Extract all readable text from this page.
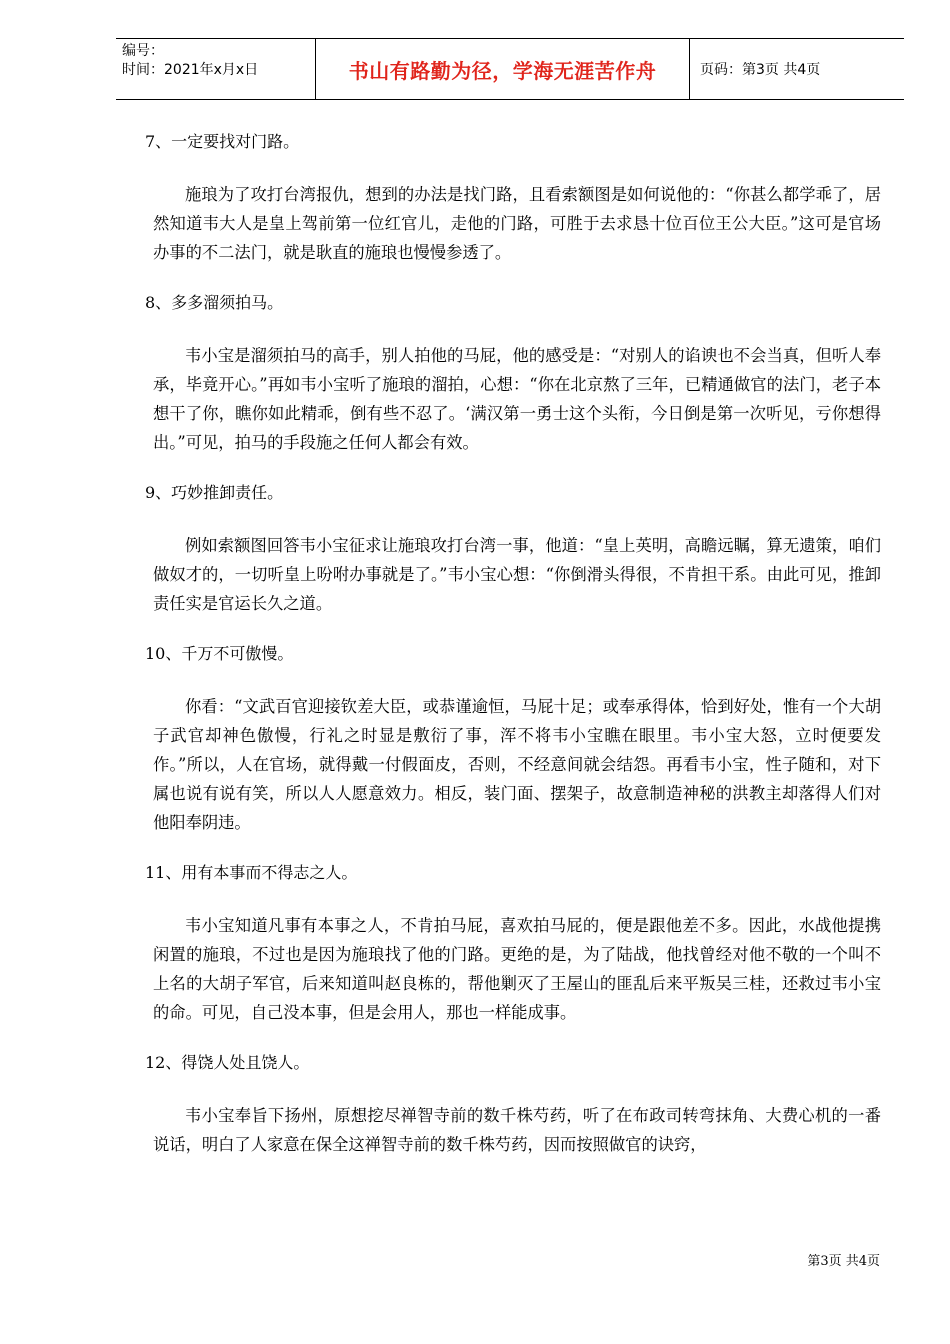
编号：
时间：2021年x月x日	书山有路勤为径，学海无涯苦作舟	页码：第3页 共4页

7、一定要找对门路。

施琅为了攻打台湾报仇，想到的办法是找门路，且看索额图是如何说他的：“你甚么都学乖了，居然知道韦大人是皇上驾前第一位红官儿，走他的门路，可胜于去求恳十位百位王公大臣。”这可是官场办事的不二法门，就是耿直的施琅也慢慢参透了。

8、多多溜须拍马。

韦小宝是溜须拍马的高手，别人拍他的马屁，他的感受是：“对别人的谄谀也不会当真，但听人奉承，毕竟开心。”再如韦小宝听了施琅的溜拍，心想：“你在北京熬了三年，已精通做官的法门，老子本想干了你，瞧你如此精乖，倒有些不忍了。‘满汉第一勇士这个头衔，今日倒是第一次听见，亏你想得出。”可见，拍马的手段施之任何人都会有效。

9、巧妙推卸责任。

例如索额图回答韦小宝征求让施琅攻打台湾一事，他道：“皇上英明，高瞻远瞩，算无遗策，咱们做奴才的，一切听皇上吩咐办事就是了。”韦小宝心想：“你倒滑头得很，不肯担干系。由此可见，推卸责任实是官运长久之道。

10、千万不可傲慢。

你看：“文武百官迎接钦差大臣，或恭谨逾恒，马屁十足；或奉承得体，恰到好处，惟有一个大胡子武官却神色傲慢，行礼之时显是敷衍了事，浑不将韦小宝瞧在眼里。韦小宝大怒，立时便要发作。”所以，人在官场，就得戴一付假面皮，否则，不经意间就会结怨。再看韦小宝，性子随和，对下属也说有说有笑，所以人人愿意效力。相反，装门面、摆架子，故意制造神秘的洪教主却落得人们对他阳奉阴违。

11、用有本事而不得志之人。

韦小宝知道凡事有本事之人，不肯拍马屁，喜欢拍马屁的，便是跟他差不多。因此，水战他提携闲置的施琅，不过也是因为施琅找了他的门路。更绝的是，为了陆战，他找曾经对他不敬的一个叫不上名的大胡子军官，后来知道叫赵良栋的，帮他剿灭了王屋山的匪乱后来平叛吴三桂，还救过韦小宝的命。可见，自己没本事，但是会用人，那也一样能成事。

12、得饶人处且饶人。

韦小宝奉旨下扬州，原想挖尽禅智寺前的数千株芍药，听了在布政司转弯抹角、大费心机的一番说话，明白了人家意在保全这禅智寺前的数千株芍药，因而按照做官的诀窍，

第3页 共4页
